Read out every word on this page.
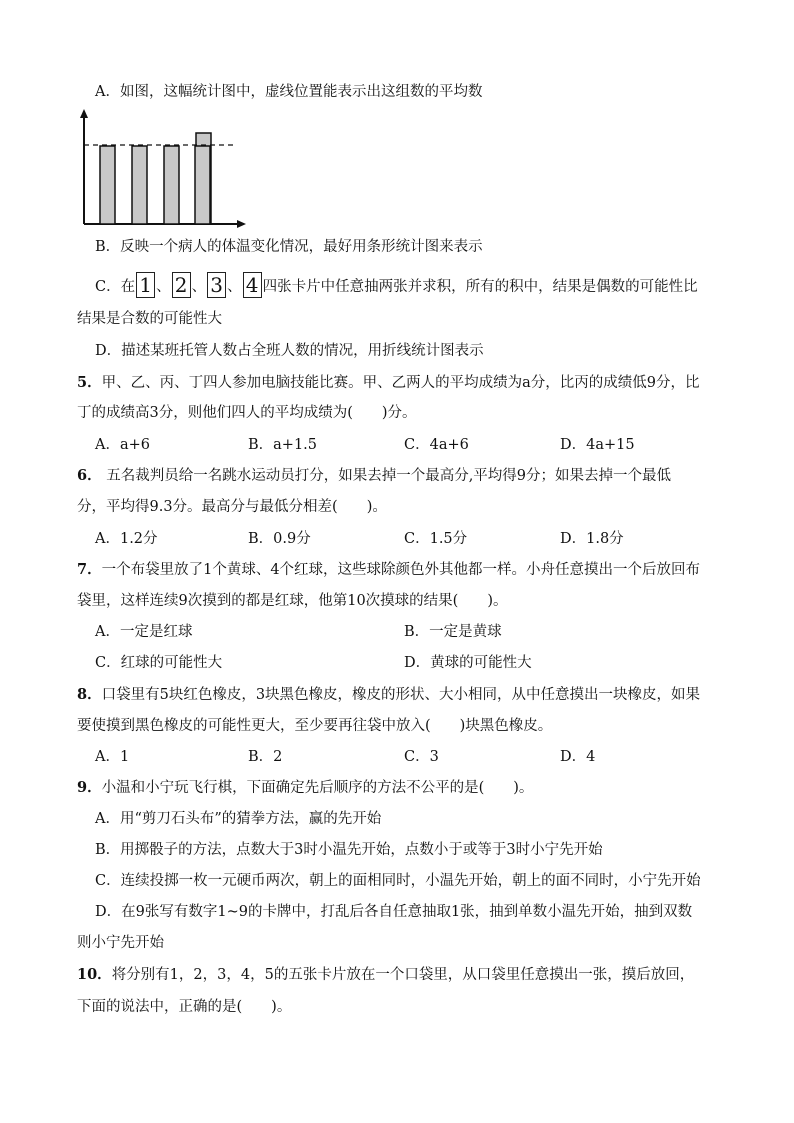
A．如图，这幅统计图中，虚线位置能表示出这组数的平均数
B．反映一个病人的体温变化情况，最好用条形统计图来表示
C．在 1 、 2 、 3 、 4 四张卡片中任意抽两张并求积，所有的积中，结果是偶数的可能性比
结果是合数的可能性大
D．描述某班托管人数占全班人数的情况，用折线统计图表示
5．甲、乙、丙、丁四人参加电脑技能比赛。甲、乙两人的平均成绩为a分，比丙的成绩低9分，比
丁的成绩高3分，则他们四人的平均成绩为(　　)分。
A．a+6	B．a+1.5	C．4a+6	D．4a+15
6． 五名裁判员给一名跳水运动员打分，如果去掉一个最高分,平均得9分；如果去掉一个最低
分，平均得9.3分。最高分与最低分相差(　　)。
A．1.2分	B．0.9分	C．1.5分	D．1.8分
7．一个布袋里放了1个黄球、4个红球，这些球除颜色外其他都一样。小舟任意摸出一个后放回布
袋里，这样连续9次摸到的都是红球，他第10次摸球的结果(　　)。
A．一定是红球	B．一定是黄球
C．红球的可能性大	D．黄球的可能性大
8．口袋里有5块红色橡皮，3块黑色橡皮，橡皮的形状、大小相同，从中任意摸出一块橡皮，如果
要使摸到黑色橡皮的可能性更大，至少要再往袋中放入(　　)块黑色橡皮。
A．1	B．2	C．3	D．4
9．小温和小宁玩飞行棋，下面确定先后顺序的方法不公平的是(　　)。
A．用“剪刀石头布”的猜拳方法，赢的先开始
B．用掷骰子的方法，点数大于3时小温先开始，点数小于或等于3时小宁先开始
C．连续投掷一枚一元硬币两次，朝上的面相同时，小温先开始，朝上的面不同时，小宁先开始
D．在9张写有数字1~9的卡牌中，打乱后各自任意抽取1张，抽到单数小温先开始，抽到双数
则小宁先开始
10．将分别有1，2，3，4，5的五张卡片放在一个口袋里，从口袋里任意摸出一张，摸后放回，
下面的说法中，正确的是(　　)。
